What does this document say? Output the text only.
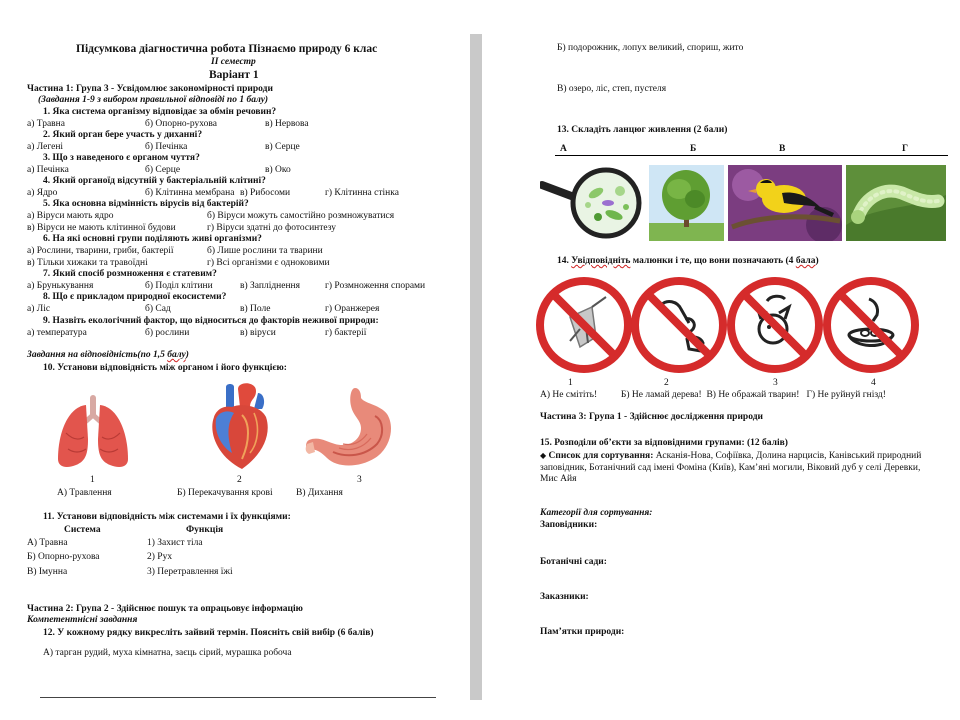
Підсумкова діагностична робота Пізнаємо природу 6 клас
ІІ семестр
Варіант 1
Частина 1: Група 3 - Усвідомлює закономірності природи
(Завдання 1-9 з вибором правильної відповіді по 1 балу)
1. Яка система організму відповідає за обмін речовин?
а) Травна	б) Опорно-рухова	в) Нервова
2. Який орган бере участь у диханні?
а) Легені	б) Печінка	в) Серце
3. Що з наведеного є органом чуття?
а) Печінка	б) Серце	в) Око
4. Який органоїд відсутній у бактеріальній клітині?
а) Ядро	б) Клітинна мембрана в) Рибосоми	г) Клітинна стінка
5. Яка основна відмінність вірусів від бактерій?
а) Віруси мають ядро	б) Віруси можуть самостійно розмножуватися
в) Віруси не мають клітинної будови	г) Віруси здатні до фотосинтезу
6. На які основні групи поділяють живі організми?
а) Рослини, тварини, гриби, бактерії	б) Лише рослини та тварини
в) Тільки хижаки та травоїдні	г) Всі організми є одноковими
7. Який спосіб розмноження є статевим?
а) Брунькування	б) Поділ клітини	в) Запліднення	г) Розмноження спорами
8. Що є прикладом природної екосистеми?
а) Ліс	б) Сад	в) Поле	г) Оранжерея
9. Назвіть екологічний фактор, що відноситься до факторів неживої природи:
а) температура	б) рослини	в) віруси	г) бактерії
Завдання на відповідність(по 1,5 балу)
10. Установи відповідність між органом і його функцією:
1	2	3
А) Травлення	Б) Перекачування крові В) Дихання
11. Установи відповідність між системами і їх функціями:
Система	Функція
А) Травна	1) Захист тіла
Б) Опорно-рухова	2) Рух
В) Імунна	3) Перетравлення їжі
Частина 2: Група 2 - Здійснює пошук та опрацьовує інформацію
Компетентнісні завдання
12. У кожному рядку викресліть зайвий термін. Поясніть свій вибір (6 балів)
А) тарган рудий, муха кімнатна, заєць сірий, мурашка робоча
Б) подорожник, лопух великий, спориш, жито
В) озеро, ліс, степ, пустеля
13. Складіть ланцюг живлення (2 бали)
А	Б	В	Г
14. Увідповідніть малюнки і те, що вони позначають (4 бала)
1	2	3	4
А) Не смітіть!          Б) Не ламай дерева!  В) Не ображай тварин!   Г) Не руйнуй гнізд!
Частина 3: Група 1 - Здійснює дослідження природи
15. Розподіли об’єкти за відповідними групами: (12 балів)
◆ Список для сортування: Асканія-Нова, Софіївка, Долина нарцисів, Канівський природний заповідник, Ботанічний сад імені Фоміна (Київ), Кам’яні могили, Віковий дуб у селі Деревки, Мис Айя
Категорії для сортування:
Заповідники:
Ботанічні сади:
Заказники:
Пам’ятки природи:
